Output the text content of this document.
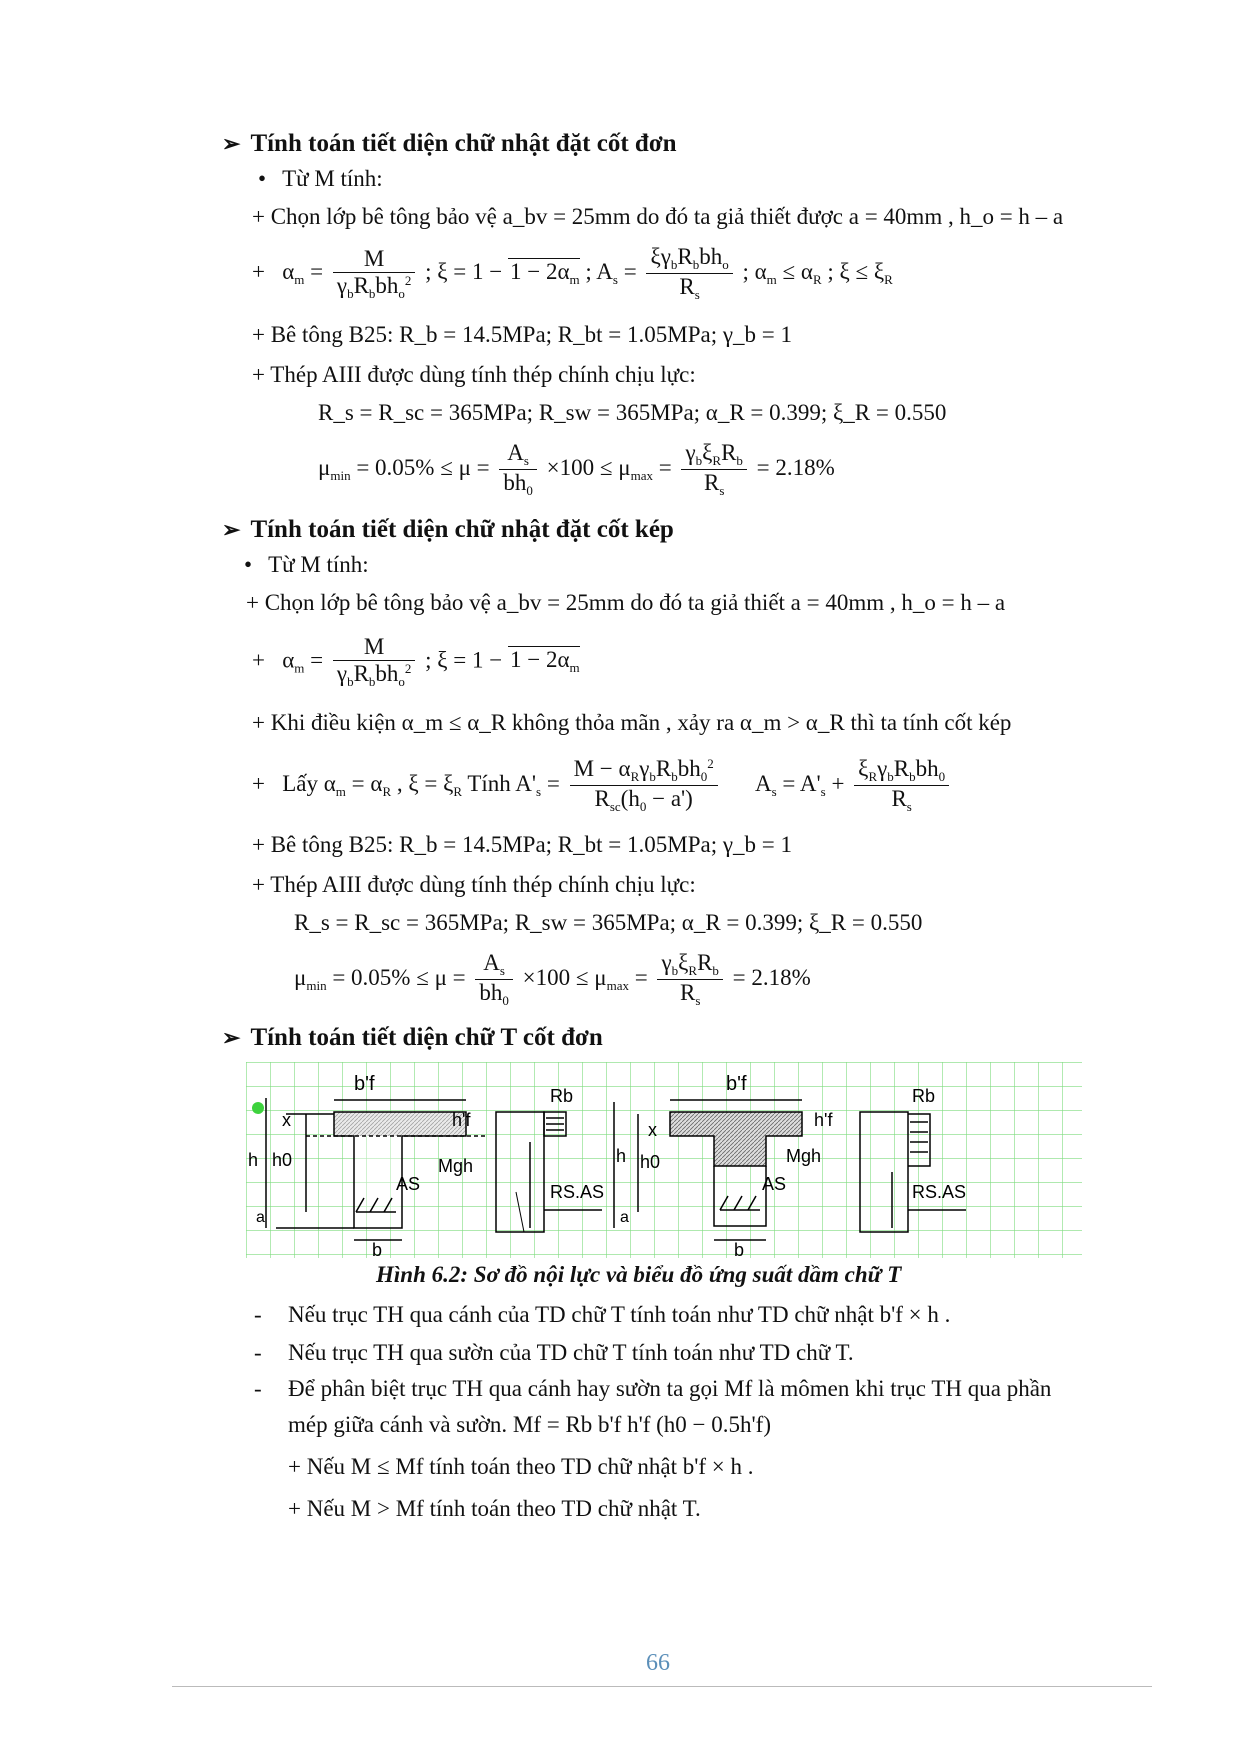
➢ Tính toán tiết diện chữ nhật đặt cốt đơn
• Từ M tính:
+ Chọn lớp bê tông bảo vệ a_bv = 25mm do đó ta giả thiết được a = 40mm , h_o = h – a
+   $\alpha_m = \frac{M}{\gamma_bR_bbh_o^2}$ ; $\xi = 1 - 1 - 2\alpha_m$ ; $A_s = \frac{\xi\gamma_bR_bbh_o}{R_s}$ ; $\alpha_m \le \alpha_R$ ; $\xi \le \xi_R$
+ Bê tông B25: R_b = 14.5MPa; R_bt = 1.05MPa; γ_b = 1
+ Thép AIII được dùng tính thép chính chịu lực:
R_s = R_sc = 365MPa; R_sw = 365MPa; α_R = 0.399; ξ_R = 0.550
$\mu_{min} = 0.05\% \le \mu = \frac{A_s}{bh_0} \times 100 \le \mu_{max} = \frac{\gamma_b\xi_RR_b}{R_s} = 2.18\%$
➢ Tính toán tiết diện chữ nhật đặt cốt kép
• Từ M tính:
+ Chọn lớp bê tông bảo vệ a_bv = 25mm do đó ta giả thiết a = 40mm , h_o = h – a
+   $\alpha_m = \frac{M}{\gamma_bR_bbh_o^2}$ ; $\xi = 1 - 1 - 2\alpha_m$
+ Khi điều kiện α_m ≤ α_R không thỏa mãn , xảy ra α_m > α_R thì ta tính cốt kép
+   Lấy $\alpha_m = \alpha_R$ , $\xi = \xi_R$ Tính $A'_s = \frac{M - \alpha_R\gamma_bR_bbh_0^2}{R_{sc}(h_0 - a')} A_s = A'_s + \frac{\xi_R\gamma_bR_bbh_0}{R_s}$
+ Bê tông B25: R_b = 14.5MPa; R_bt = 1.05MPa; γ_b = 1
+ Thép AIII được dùng tính thép chính chịu lực:
R_s = R_sc = 365MPa; R_sw = 365MPa; α_R = 0.399; ξ_R = 0.550
$\mu_{min} = 0.05\% \le \mu = \frac{A_s}{bh_0} \times 100 \le \mu_{max} = \frac{\gamma_b\xi_RR_b}{R_s} = 2.18\%$
➢ Tính toán tiết diện chữ T cốt đơn
b'f
h'f
x
h h0
a
b
AS
Rb
Mgh
RS.AS
b'f
h'f
x
h h0
a
b
AS
Mgh
Rb
RS.AS
Hình 6.2: Sơ đồ nội lực và biểu đồ ứng suất dầm chữ T
- Nếu trục TH qua cánh của TD chữ T tính toán như TD chữ nhật b'f × h .
- Nếu trục TH qua sườn của TD chữ T tính toán như TD chữ T.
- Để phân biệt trục TH qua cánh hay sườn ta gọi Mf là mômen khi trục TH qua phần
mép giữa cánh và sườn. Mf = Rb b'f h'f (h0 − 0.5h'f)
+ Nếu M ≤ Mf tính toán theo TD chữ nhật b'f × h .
+ Nếu M > Mf tính toán theo TD chữ nhật T.
66
